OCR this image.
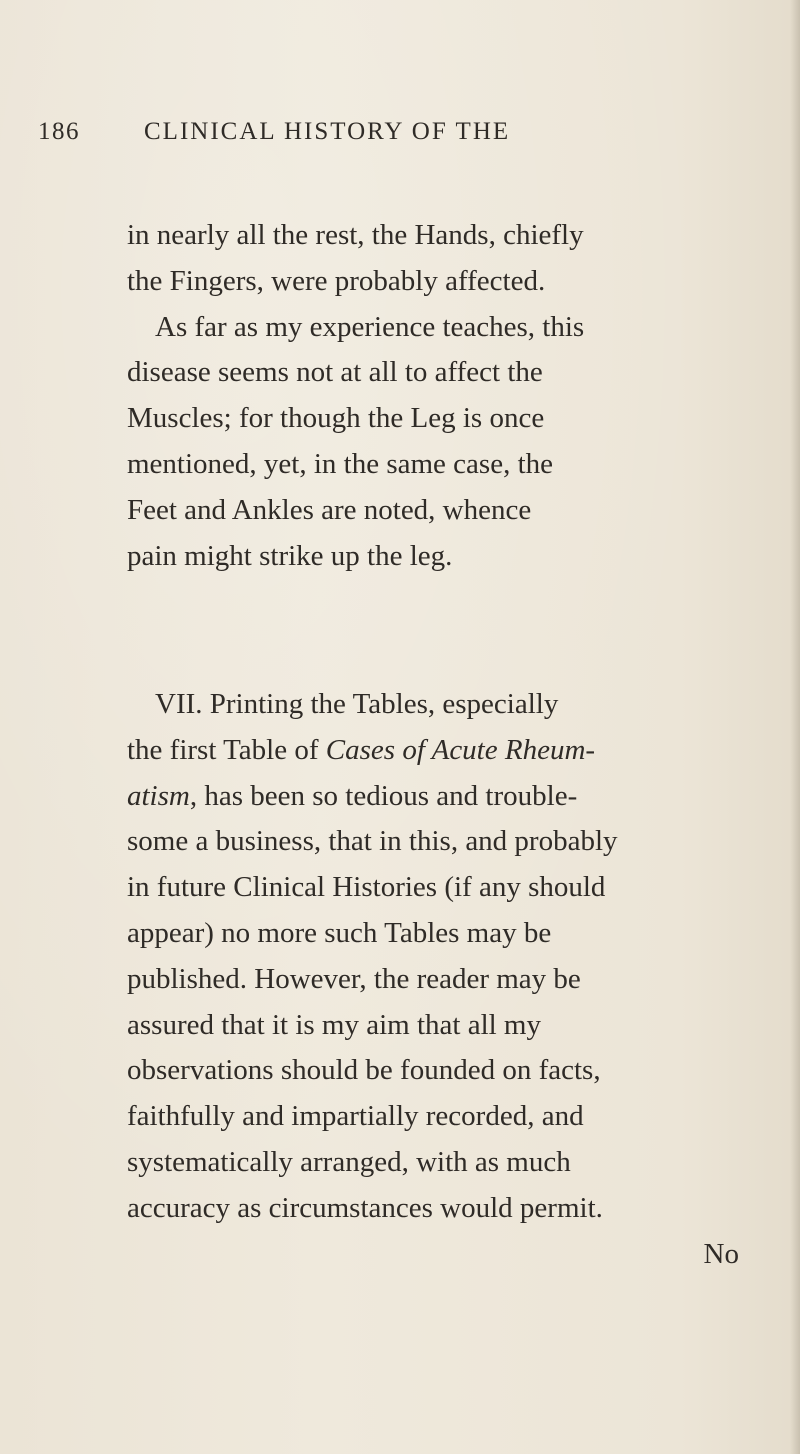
186	CLINICAL HISTORY OF THE
in nearly all the rest, the Hands, chiefly
the Fingers, were probably affected.
As far as my experience teaches, this
disease seems not at all to affect the
Muscles; for though the Leg is once
mentioned, yet, in the same case, the
Feet and Ankles are noted, whence
pain might strike up the leg.
VII. Printing the Tables, especially
the first Table of Cases of Acute Rheum-
atism, has been so tedious and trouble-
some a business, that in this, and probably
in future Clinical Histories (if any should
appear) no more such Tables may be
published. However, the reader may be
assured that it is my aim that all my
observations should be founded on facts,
faithfully and impartially recorded, and
systematically arranged, with as much
accuracy as circumstances would permit.
No
